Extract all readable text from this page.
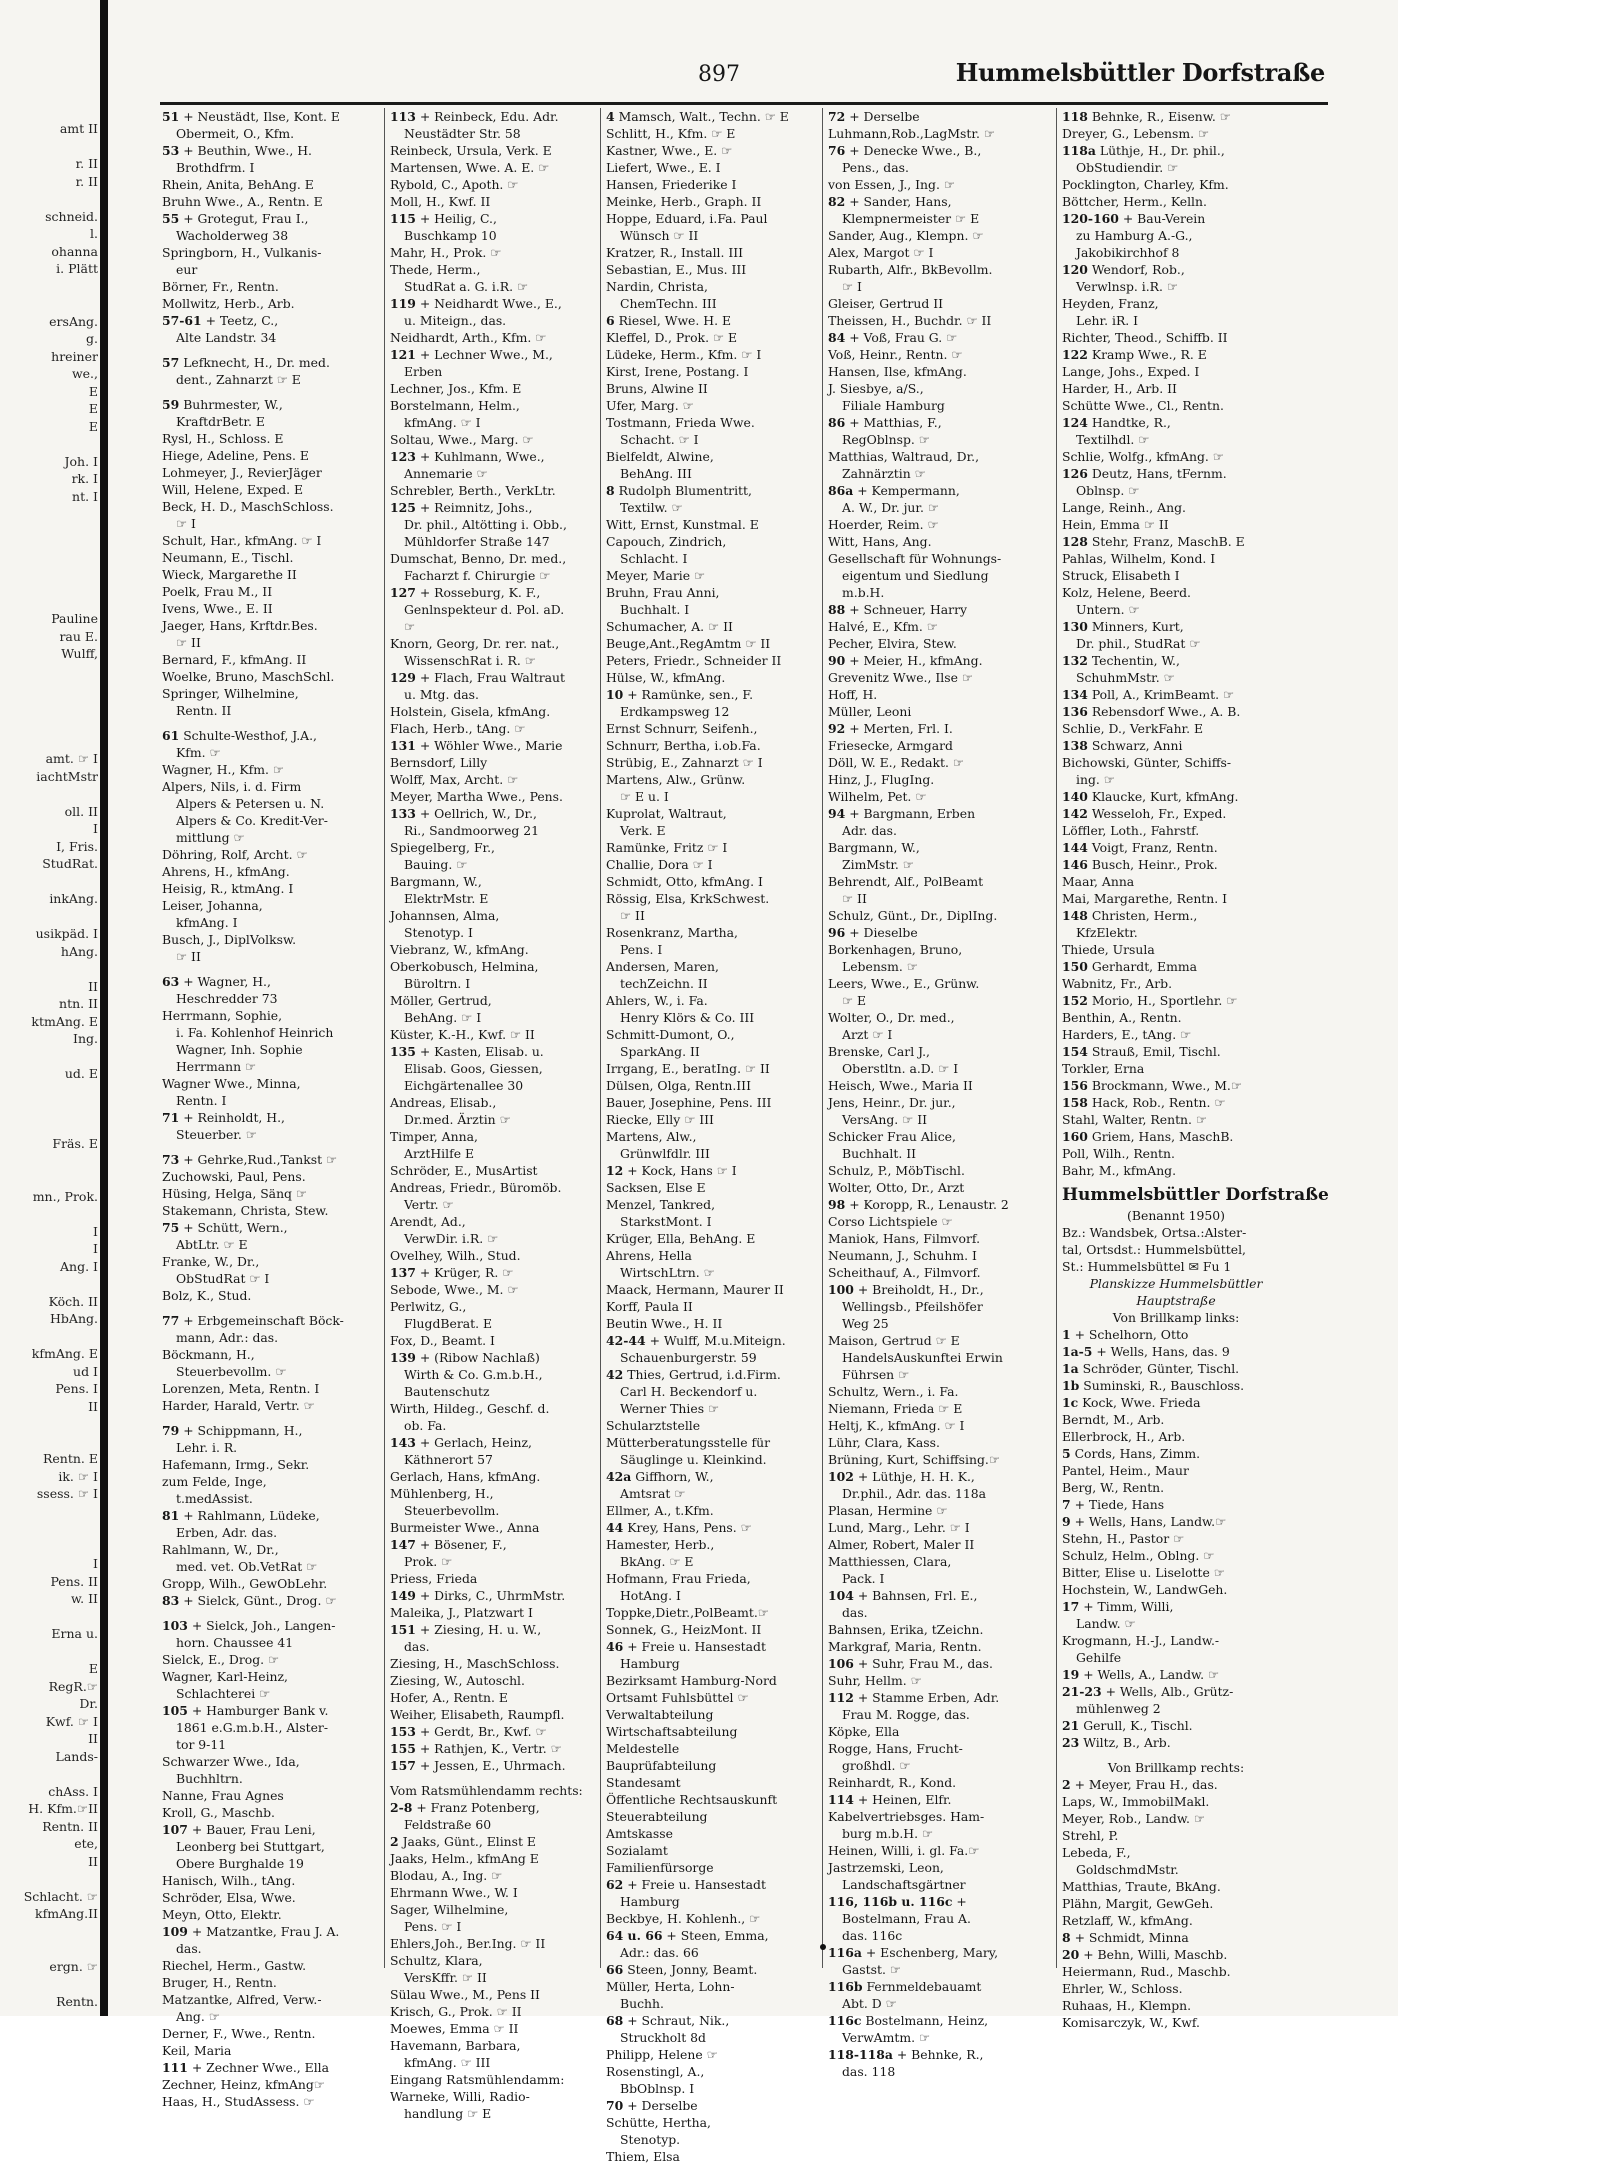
amt II
r. II
r. II
schneid.
l.
ohanna
i. Plätt
ersAng.
g.
hreiner
we.,
E
E
E
Joh. I
rk. I
nt. I
Pauline
rau E.
Wulff,
amt. ☞ I
iachtMstr
oll. II
I
I, Fris.
StudRat.
inkAng.
usikpäd. I
hAng.
II
ntn. II
ktmAng. E
Ing.
ud. E
Fräs. E
mn., Prok.
I
I
Ang. I
Köch. II
HbAng.
kfmAng. E
ud I
Pens. I
II
Rentn. E
ik. ☞ I
ssess. ☞ I
I
Pens. II
w. II
Erna u.
E
RegR.☞
Dr.
Kwf. ☞ I
II
Lands-
chAss. I
H. Kfm.☞II
Rentn. II
ete,
II
Schlacht. ☞
kfmAng.II
ergn. ☞
Rentn.
897	Hummelsbüttler Dorfstraße
51 + Neustädt, Ilse, Kont. E
Obermeit, O., Kfm.
53 + Beuthin, Wwe., H.
Brothdfrm. I
Rhein, Anita, BehAng. E
Bruhn Wwe., A., Rentn. E
55 + Grotegut, Frau I.,
Wacholderweg 38
Springborn, H., Vulkanis-
eur
Börner, Fr., Rentn.
Mollwitz, Herb., Arb.
57-61 + Teetz, C.,
Alte Landstr. 34
57 Lefknecht, H., Dr. med.
dent., Zahnarzt ☞ E
59 Buhrmester, W.,
KraftdrBetr. E
Rysl, H., Schloss. E
Hiege, Adeline, Pens. E
Lohmeyer, J., RevierJäger
Will, Helene, Exped. E
Beck, H. D., MaschSchloss.
☞ I
Schult, Har., kfmAng. ☞ I
Neumann, E., Tischl.
Wieck, Margarethe II
Poelk, Frau M., II
Ivens, Wwe., E. II
Jaeger, Hans, Krftdr.Bes.
☞ II
Bernard, F., kfmAng. II
Woelke, Bruno, MaschSchl.
Springer, Wilhelmine,
Rentn. II
61 Schulte-Westhof, J.A.,
Kfm. ☞
Wagner, H., Kfm. ☞
Alpers, Nils, i. d. Firm
Alpers & Petersen u. N.
Alpers & Co. Kredit-Ver-
mittlung ☞
Döhring, Rolf, Archt. ☞
Ahrens, H., kfmAng.
Heisig, R., ktmAng. I
Leiser, Johanna,
kfmAng. I
Busch, J., DiplVolksw.
☞ II
63 + Wagner, H.,
Heschredder 73
Herrmann, Sophie,
i. Fa. Kohlenhof Heinrich
Wagner, Inh. Sophie
Herrmann ☞
Wagner Wwe., Minna,
Rentn. I
71 + Reinholdt, H.,
Steuerber. ☞
73 + Gehrke,Rud.,Tankst ☞
Zuchowski, Paul, Pens.
Hüsing, Helga, Sänq ☞
Stakemann, Christa, Stew.
75 + Schütt, Wern.,
AbtLtr. ☞ E
Franke, W., Dr.,
ObStudRat ☞ I
Bolz, K., Stud.
77 + Erbgemeinschaft Böck-
mann, Adr.: das.
Böckmann, H.,
Steuerbevollm. ☞
Lorenzen, Meta, Rentn. I
Harder, Harald, Vertr. ☞
79 + Schippmann, H.,
Lehr. i. R.
Hafemann, Irmg., Sekr.
zum Felde, Inge,
t.medAssist.
81 + Rahlmann, Lüdeke,
Erben, Adr. das.
Rahlmann, W., Dr.,
med. vet. Ob.VetRat ☞
Gropp, Wilh., GewObLehr.
83 + Sielck, Günt., Drog. ☞
103 + Sielck, Joh., Langen-
horn. Chaussee 41
Sielck, E., Drog. ☞
Wagner, Karl-Heinz,
Schlachterei ☞
105 + Hamburger Bank v.
1861 e.G.m.b.H., Alster-
tor 9-11
Schwarzer Wwe., Ida,
Buchhltrn.
Nanne, Frau Agnes
Kroll, G., Maschb.
107 + Bauer, Frau Leni,
Leonberg bei Stuttgart,
Obere Burghalde 19
Hanisch, Wilh., tAng.
Schröder, Elsa, Wwe.
Meyn, Otto, Elektr.
109 + Matzantke, Frau J. A.
das.
Riechel, Herm., Gastw.
Bruger, H., Rentn.
Matzantke, Alfred, Verw.-
Ang. ☞
Derner, F., Wwe., Rentn.
Keil, Maria
111 + Zechner Wwe., Ella
Zechner, Heinz, kfmAng☞
Haas, H., StudAssess. ☞
113 + Reinbeck, Edu. Adr.
Neustädter Str. 58
Reinbeck, Ursula, Verk. E
Martensen, Wwe. A. E. ☞
Rybold, C., Apoth. ☞
Moll, H., Kwf. II
115 + Heilig, C.,
Buschkamp 10
Mahr, H., Prok. ☞
Thede, Herm.,
StudRat a. G. i.R. ☞
119 + Neidhardt Wwe., E.,
u. Miteign., das.
Neidhardt, Arth., Kfm. ☞
121 + Lechner Wwe., M.,
Erben
Lechner, Jos., Kfm. E
Borstelmann, Helm.,
kfmAng. ☞ I
Soltau, Wwe., Marg. ☞
123 + Kuhlmann, Wwe.,
Annemarie ☞
Schrebler, Berth., VerkLtr.
125 + Reimnitz, Johs.,
Dr. phil., Altötting i. Obb.,
Mühldorfer Straße 147
Dumschat, Benno, Dr. med.,
Facharzt f. Chirurgie ☞
127 + Rosseburg, K. F.,
Genlnspekteur d. Pol. aD.
☞
Knorn, Georg, Dr. rer. nat.,
WissenschRat i. R. ☞
129 + Flach, Frau Waltraut
u. Mtg. das.
Holstein, Gisela, kfmAng.
Flach, Herb., tAng. ☞
131 + Wöhler Wwe., Marie
Bernsdorf, Lilly
Wolff, Max, Archt. ☞
Meyer, Martha Wwe., Pens.
133 + Oellrich, W., Dr.,
Ri., Sandmoorweg 21
Spiegelberg, Fr.,
Bauing. ☞
Bargmann, W.,
ElektrMstr. E
Johannsen, Alma,
Stenotyp. I
Viebranz, W., kfmAng.
Oberkobusch, Helmina,
Büroltrn. I
Möller, Gertrud,
BehAng. ☞ I
Küster, K.-H., Kwf. ☞ II
135 + Kasten, Elisab. u.
Elisab. Goos, Giessen,
Eichgärtenallee 30
Andreas, Elisab.,
Dr.med. Ärztin ☞
Timper, Anna,
ArztHilfe E
Schröder, E., MusArtist
Andreas, Friedr., Büromöb.
Vertr. ☞
Arendt, Ad.,
VerwDir. i.R. ☞
Ovelhey, Wilh., Stud.
137 + Krüger, R. ☞
Sebode, Wwe., M. ☞
Perlwitz, G.,
FlugdBerat. E
Fox, D., Beamt. I
139 + (Ribow Nachlaß)
Wirth & Co. G.m.b.H.,
Bautenschutz
Wirth, Hildeg., Geschf. d.
ob. Fa.
143 + Gerlach, Heinz,
Käthnerort 57
Gerlach, Hans, kfmAng.
Mühlenberg, H.,
Steuerbevollm.
Burmeister Wwe., Anna
147 + Bösener, F.,
Prok. ☞
Priess, Frieda
149 + Dirks, C., UhrmMstr.
Maleika, J., Platzwart I
151 + Ziesing, H. u. W.,
das.
Ziesing, H., MaschSchloss.
Ziesing, W., Autoschl.
Hofer, A., Rentn. E
Weiher, Elisabeth, Raumpfl.
153 + Gerdt, Br., Kwf. ☞
155 + Rathjen, K., Vertr. ☞
157 + Jessen, E., Uhrmach.
Vom Ratsmühlendamm rechts:
2-8 + Franz Potenberg,
Feldstraße 60
2 Jaaks, Günt., Elinst E
Jaaks, Helm., kfmAng E
Blodau, A., Ing. ☞
Ehrmann Wwe., W. I
Sager, Wilhelmine,
Pens. ☞ I
Ehlers,Joh., Ber.Ing. ☞ II
Schultz, Klara,
VersKffr. ☞ II
Sülau Wwe., M., Pens II
Krisch, G., Prok. ☞ II
Moewes, Emma ☞ II
Havemann, Barbara,
kfmAng. ☞ III
Eingang Ratsmühlendamm:
Warneke, Willi, Radio-
handlung ☞ E
4 Mamsch, Walt., Techn. ☞ E
Schlitt, H., Kfm. ☞ E
Kastner, Wwe., E. ☞
Liefert, Wwe., E. I
Hansen, Friederike I
Meinke, Herb., Graph. II
Hoppe, Eduard, i.Fa. Paul
Wünsch ☞ II
Kratzer, R., Install. III
Sebastian, E., Mus. III
Nardin, Christa,
ChemTechn. III
6 Riesel, Wwe. H. E
Kleffel, D., Prok. ☞ E
Lüdeke, Herm., Kfm. ☞ I
Kirst, Irene, Postang. I
Bruns, Alwine II
Ufer, Marg. ☞
Tostmann, Frieda Wwe.
Schacht. ☞ I
Bielfeldt, Alwine,
BehAng. III
8 Rudolph Blumentritt,
Textilw. ☞
Witt, Ernst, Kunstmal. E
Capouch, Zindrich,
Schlacht. I
Meyer, Marie ☞
Bruhn, Frau Anni,
Buchhalt. I
Schumacher, A. ☞ II
Beuge,Ant.,RegAmtm ☞ II
Peters, Friedr., Schneider II
Hülse, W., kfmAng.
10 + Ramünke, sen., F.
Erdkampsweg 12
Ernst Schnurr, Seifenh.,
Schnurr, Bertha, i.ob.Fa.
Strübig, E., Zahnarzt ☞ I
Martens, Alw., Grünw.
☞ E u. I
Kuprolat, Waltraut,
Verk. E
Ramünke, Fritz ☞ I
Challie, Dora ☞ I
Schmidt, Otto, kfmAng. I
Rössig, Elsa, KrkSchwest.
☞ II
Rosenkranz, Martha,
Pens. I
Andersen, Maren,
techZeichn. II
Ahlers, W., i. Fa.
Henry Klörs & Co. III
Schmitt-Dumont, O.,
SparkAng. II
Irrgang, E., beratIng. ☞ II
Dülsen, Olga, Rentn.III
Bauer, Josephine, Pens. III
Riecke, Elly ☞ III
Martens, Alw.,
Grünwlfdlr. III
12 + Kock, Hans ☞ I
Sacksen, Else E
Menzel, Tankred,
StarkstMont. I
Krüger, Ella, BehAng. E
Ahrens, Hella
WirtschLtrn. ☞
Maack, Hermann, Maurer II
Korff, Paula II
Beutin Wwe., H. II
42-44 + Wulff, M.u.Miteign.
Schauenburgerstr. 59
42 Thies, Gertrud, i.d.Firm.
Carl H. Beckendorf u.
Werner Thies ☞
Schularztstelle
Mütterberatungsstelle für
Säuglinge u. Kleinkind.
42a Giffhorn, W.,
Amtsrat ☞
Ellmer, A., t.Kfm.
44 Krey, Hans, Pens. ☞
Hamester, Herb.,
BkAng. ☞ E
Hofmann, Frau Frieda,
HotAng. I
Toppke,Dietr.,PolBeamt.☞
Sonnek, G., HeizMont. II
46 + Freie u. Hansestadt
Hamburg
Bezirksamt Hamburg-Nord
Ortsamt Fuhlsbüttel ☞
Verwaltabteilung
Wirtschaftsabteilung
Meldestelle
Bauprüfabteilung
Standesamt
Öffentliche Rechtsauskunft
Steuerabteilung
Amtskasse
Sozialamt
Familienfürsorge
62 + Freie u. Hansestadt
Hamburg
Beckbye, H. Kohlenh., ☞
64 u. 66 + Steen, Emma,
Adr.: das. 66
66 Steen, Jonny, Beamt.
Müller, Herta, Lohn-
Buchh.
68 + Schraut, Nik.,
Struckholt 8d
Philipp, Helene ☞
Rosenstingl, A.,
BbOblnsp. I
70 + Derselbe
Schütte, Hertha,
Stenotyp.
Thiem, Elsa
72 + Derselbe
Luhmann,Rob.,LagMstr. ☞
76 + Denecke Wwe., B.,
Pens., das.
von Essen, J., Ing. ☞
82 + Sander, Hans,
Klempnermeister ☞ E
Sander, Aug., Klempn. ☞
Alex, Margot ☞ I
Rubarth, Alfr., BkBevollm.
☞ I
Gleiser, Gertrud II
Theissen, H., Buchdr. ☞ II
84 + Voß, Frau G. ☞
Voß, Heinr., Rentn. ☞
Hansen, Ilse, kfmAng.
J. Siesbye, a/S.,
Filiale Hamburg
86 + Matthias, F.,
RegOblnsp. ☞
Matthias, Waltraud, Dr.,
Zahnärztin ☞
86a + Kempermann,
A. W., Dr. jur. ☞
Hoerder, Reim. ☞
Witt, Hans, Ang.
Gesellschaft für Wohnungs-
eigentum und Siedlung
m.b.H.
88 + Schneuer, Harry
Halvé, E., Kfm. ☞
Pecher, Elvira, Stew.
90 + Meier, H., kfmAng.
Grevenitz Wwe., Ilse ☞
Hoff, H.
Müller, Leoni
92 + Merten, Frl. I.
Friesecke, Armgard
Döll, W. E., Redakt. ☞
Hinz, J., FlugIng.
Wilhelm, Pet. ☞
94 + Bargmann, Erben
Adr. das.
Bargmann, W.,
ZimMstr. ☞
Behrendt, Alf., PolBeamt
☞ II
Schulz, Günt., Dr., DiplIng.
96 + Dieselbe
Borkenhagen, Bruno,
Lebensm. ☞
Leers, Wwe., E., Grünw.
☞ E
Wolter, O., Dr. med.,
Arzt ☞ I
Brenske, Carl J.,
Oberstltn. a.D. ☞ I
Heisch, Wwe., Maria II
Jens, Heinr., Dr. jur.,
VersAng. ☞ II
Schicker Frau Alice,
Buchhalt. II
Schulz, P., MöbTischl.
Wolter, Otto, Dr., Arzt
98 + Koropp, R., Lenaustr. 2
Corso Lichtspiele ☞
Maniok, Hans, Filmvorf.
Neumann, J., Schuhm. I
Scheithauf, A., Filmvorf.
100 + Breiholdt, H., Dr.,
Wellingsb., Pfeilshöfer
Weg 25
Maison, Gertrud ☞ E
HandelsAuskunftei Erwin
Führsen ☞
Schultz, Wern., i. Fa.
Niemann, Frieda ☞ E
Heltj, K., kfmAng. ☞ I
Lühr, Clara, Kass.
Brüning, Kurt, Schiffsing.☞
102 + Lüthje, H. H. K.,
Dr.phil., Adr. das. 118a
Plasan, Hermine ☞
Lund, Marg., Lehr. ☞ I
Almer, Robert, Maler II
Matthiessen, Clara,
Pack. I
104 + Bahnsen, Frl. E.,
das.
Bahnsen, Erika, tZeichn.
Markgraf, Maria, Rentn.
106 + Suhr, Frau M., das.
Suhr, Hellm. ☞
112 + Stamme Erben, Adr.
Frau M. Rogge, das.
Köpke, Ella
Rogge, Hans, Frucht-
großhdl. ☞
Reinhardt, R., Kond.
114 + Heinen, Elfr.
Kabelvertriebsges. Ham-
burg m.b.H. ☞
Heinen, Willi, i. gl. Fa.☞
Jastrzemski, Leon,
Landschaftsgärtner
116, 116b u. 116c +
Bostelmann, Frau A.
das. 116c
116a + Eschenberg, Mary,
Gastst. ☞
116b Fernmeldebauamt
Abt. D ☞
116c Bostelmann, Heinz,
VerwAmtm. ☞
118-118a + Behnke, R.,
das. 118
118 Behnke, R., Eisenw. ☞
Dreyer, G., Lebensm. ☞
118a Lüthje, H., Dr. phil.,
ObStudiendir. ☞
Pocklington, Charley, Kfm.
Böttcher, Herm., Kelln.
120-160 + Bau-Verein
zu Hamburg A.-G.,
Jakobikirchhof 8
120 Wendorf, Rob.,
Verwlnsp. i.R. ☞
Heyden, Franz,
Lehr. iR. I
Richter, Theod., Schiffb. II
122 Kramp Wwe., R. E
Lange, Johs., Exped. I
Harder, H., Arb. II
Schütte Wwe., Cl., Rentn.
124 Handtke, R.,
Textilhdl. ☞
Schlie, Wolfg., kfmAng. ☞
126 Deutz, Hans, tFernm.
Oblnsp. ☞
Lange, Reinh., Ang.
Hein, Emma ☞ II
128 Stehr, Franz, MaschB. E
Pahlas, Wilhelm, Kond. I
Struck, Elisabeth I
Kolz, Helene, Beerd.
Untern. ☞
130 Minners, Kurt,
Dr. phil., StudRat ☞
132 Techentin, W.,
SchuhmMstr. ☞
134 Poll, A., KrimBeamt. ☞
136 Rebensdorf Wwe., A. B.
Schlie, D., VerkFahr. E
138 Schwarz, Anni
Bichowski, Günter, Schiffs-
ing. ☞
140 Klaucke, Kurt, kfmAng.
142 Wesseloh, Fr., Exped.
Löffler, Loth., Fahrstf.
144 Voigt, Franz, Rentn.
146 Busch, Heinr., Prok.
Maar, Anna
Mai, Margarethe, Rentn. I
148 Christen, Herm.,
KfzElektr.
Thiede, Ursula
150 Gerhardt, Emma
Wabnitz, Fr., Arb.
152 Morio, H., Sportlehr. ☞
Benthin, A., Rentn.
Harders, E., tAng. ☞
154 Strauß, Emil, Tischl.
Torkler, Erna
156 Brockmann, Wwe., M.☞
158 Hack, Rob., Rentn. ☞
Stahl, Walter, Rentn. ☞
160 Griem, Hans, MaschB.
Poll, Wilh., Rentn.
Bahr, M., kfmAng.
Hummelsbüttler Dorfstraße
(Benannt 1950)
Bz.: Wandsbek, Ortsa.:Alster-
tal, Ortsdst.: Hummelsbüttel,
St.: Hummelsbüttel ✉ Fu 1
Planskizze Hummelsbüttler
Hauptstraße
Von Brillkamp links:
1 + Schelhorn, Otto
1a-5 + Wells, Hans, das. 9
1a Schröder, Günter, Tischl.
1b Suminski, R., Bauschloss.
1c Kock, Wwe. Frieda
Berndt, M., Arb.
Ellerbrock, H., Arb.
5 Cords, Hans, Zimm.
Pantel, Heim., Maur
Berg, W., Rentn.
7 + Tiede, Hans
9 + Wells, Hans, Landw.☞
Stehn, H., Pastor ☞
Schulz, Helm., Oblng. ☞
Bitter, Elise u. Liselotte ☞
Hochstein, W., LandwGeh.
17 + Timm, Willi,
Landw. ☞
Krogmann, H.-J., Landw.-
Gehilfe
19 + Wells, A., Landw. ☞
21-23 + Wells, Alb., Grütz-
mühlenweg 2
21 Gerull, K., Tischl.
23 Wiltz, B., Arb.
Von Brillkamp rechts:
2 + Meyer, Frau H., das.
Laps, W., ImmobilMakl.
Meyer, Rob., Landw. ☞
Strehl, P.
Lebeda, F.,
GoldschmdMstr.
Matthias, Traute, BkAng.
Plähn, Margit, GewGeh.
Retzlaff, W., kfmAng.
8 + Schmidt, Minna
20 + Behn, Willi, Maschb.
Heiermann, Rud., Maschb.
Ehrler, W., Schloss.
Ruhaas, H., Klempn.
Komisarczyk, W., Kwf.
